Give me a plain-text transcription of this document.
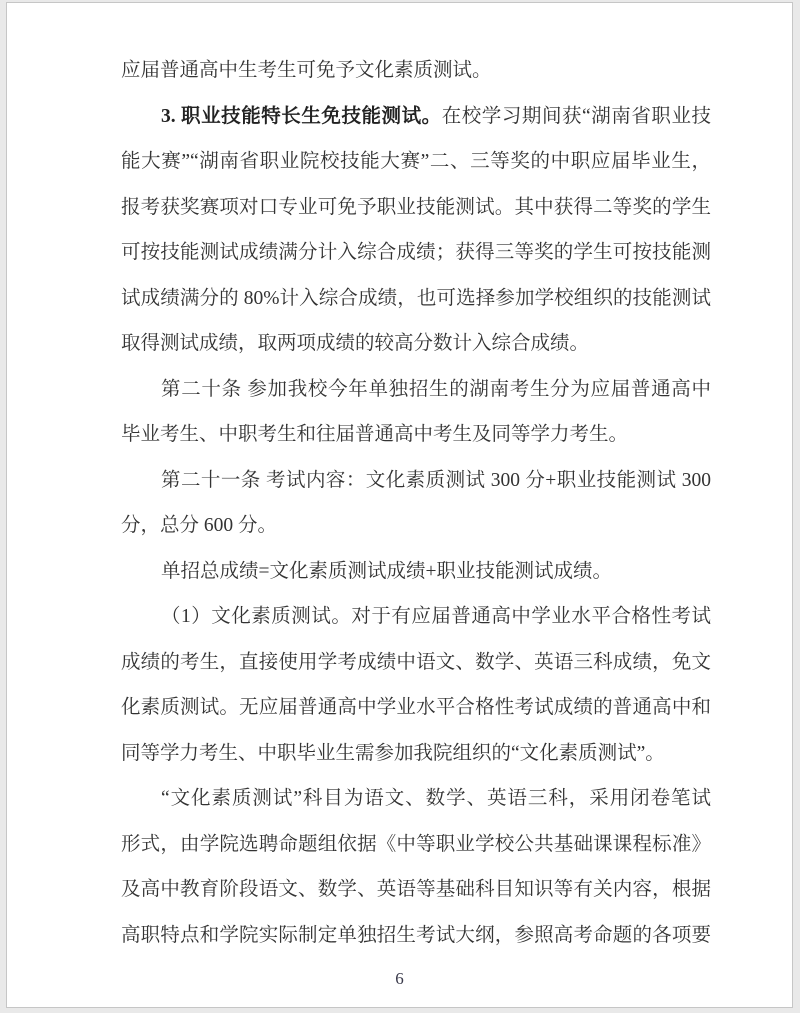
应届普通高中生考生可免予文化素质测试。
3. 职业技能特长生免技能测试。在校学习期间获“湖南省职业技
能大赛”“湖南省职业院校技能大赛”二、三等奖的中职应届毕业生，
报考获奖赛项对口专业可免予职业技能测试。其中获得二等奖的学生
可按技能测试成绩满分计入综合成绩；获得三等奖的学生可按技能测
试成绩满分的 80%计入综合成绩，也可选择参加学校组织的技能测试
取得测试成绩，取两项成绩的较高分数计入综合成绩。
第二十条 参加我校今年单独招生的湖南考生分为应届普通高中
毕业考生、中职考生和往届普通高中考生及同等学力考生。
第二十一条 考试内容：文化素质测试 300 分+职业技能测试 300
分，总分 600 分。
单招总成绩=文化素质测试成绩+职业技能测试成绩。
（1）文化素质测试。对于有应届普通高中学业水平合格性考试
成绩的考生，直接使用学考成绩中语文、数学、英语三科成绩，免文
化素质测试。无应届普通高中学业水平合格性考试成绩的普通高中和
同等学力考生、中职毕业生需参加我院组织的“文化素质测试”。
“文化素质测试”科目为语文、数学、英语三科，采用闭卷笔试
形式，由学院选聘命题组依据《中等职业学校公共基础课课程标准》
及高中教育阶段语文、数学、英语等基础科目知识等有关内容，根据
高职特点和学院实际制定单独招生考试大纲，参照高考命题的各项要
6
